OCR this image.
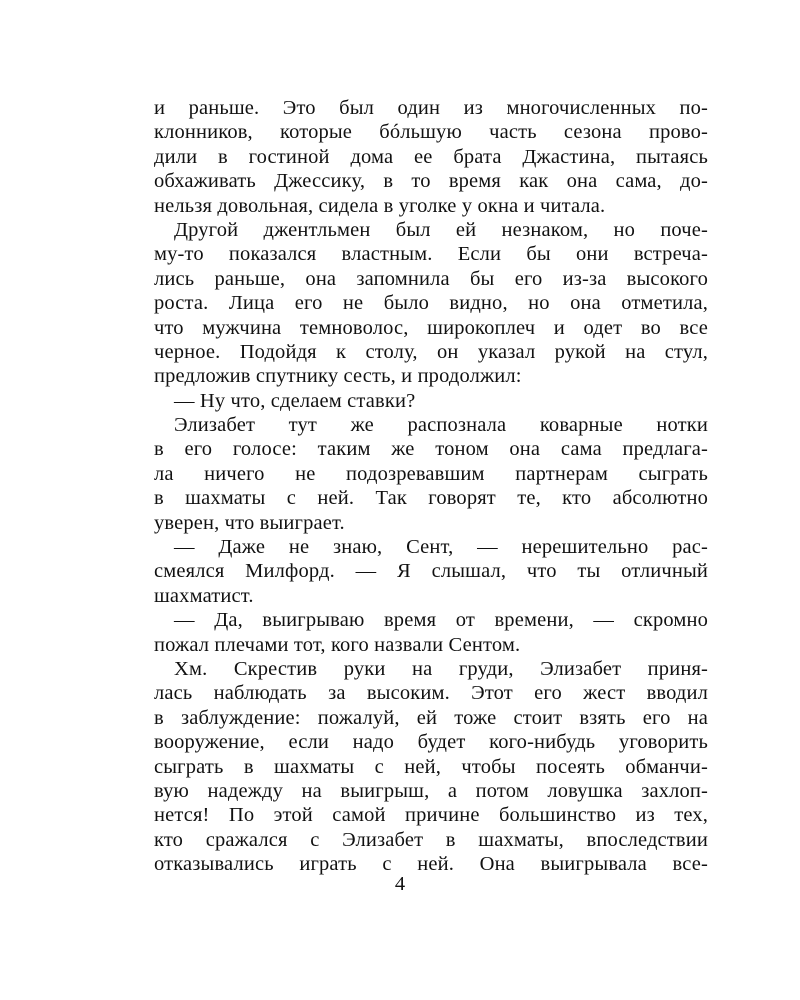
и раньше. Это был один из многочисленных по-
клонников, которые бóльшую часть сезона прово-
дили в гостиной дома ее брата Джастина, пытаясь
обхаживать Джессику, в то время как она сама, до-
нельзя довольная, сидела в уголке у окна и читала.
Другой джентльмен был ей незнаком, но поче-
му-то показался властным. Если бы они встреча-
лись раньше, она запомнила бы его из-за высокого
роста. Лица его не было видно, но она отметила,
что мужчина темноволос, широкоплеч и одет во все
черное. Подойдя к столу, он указал рукой на стул,
предложив спутнику сесть, и продолжил:
— Ну что, сделаем ставки?
Элизабет тут же распознала коварные нотки
в его голосе: таким же тоном она сама предлага-
ла ничего не подозревавшим партнерам сыграть
в шахматы с ней. Так говорят те, кто абсолютно
уверен, что выиграет.
— Даже не знаю, Сент, — нерешительно рас-
смеялся Милфорд. — Я слышал, что ты отличный
шахматист.
— Да, выигрываю время от времени, — скромно
пожал плечами тот, кого назвали Сентом.
Хм. Скрестив руки на груди, Элизабет приня-
лась наблюдать за высоким. Этот его жест вводил
в заблуждение: пожалуй, ей тоже стоит взять его на
вооружение, если надо будет кого-нибудь уговорить
сыграть в шахматы с ней, чтобы посеять обманчи-
вую надежду на выигрыш, а потом ловушка захлоп-
нется! По этой самой причине большинство из тех,
кто сражался с Элизабет в шахматы, впоследствии
отказывались играть с ней. Она выигрывала все-
4
